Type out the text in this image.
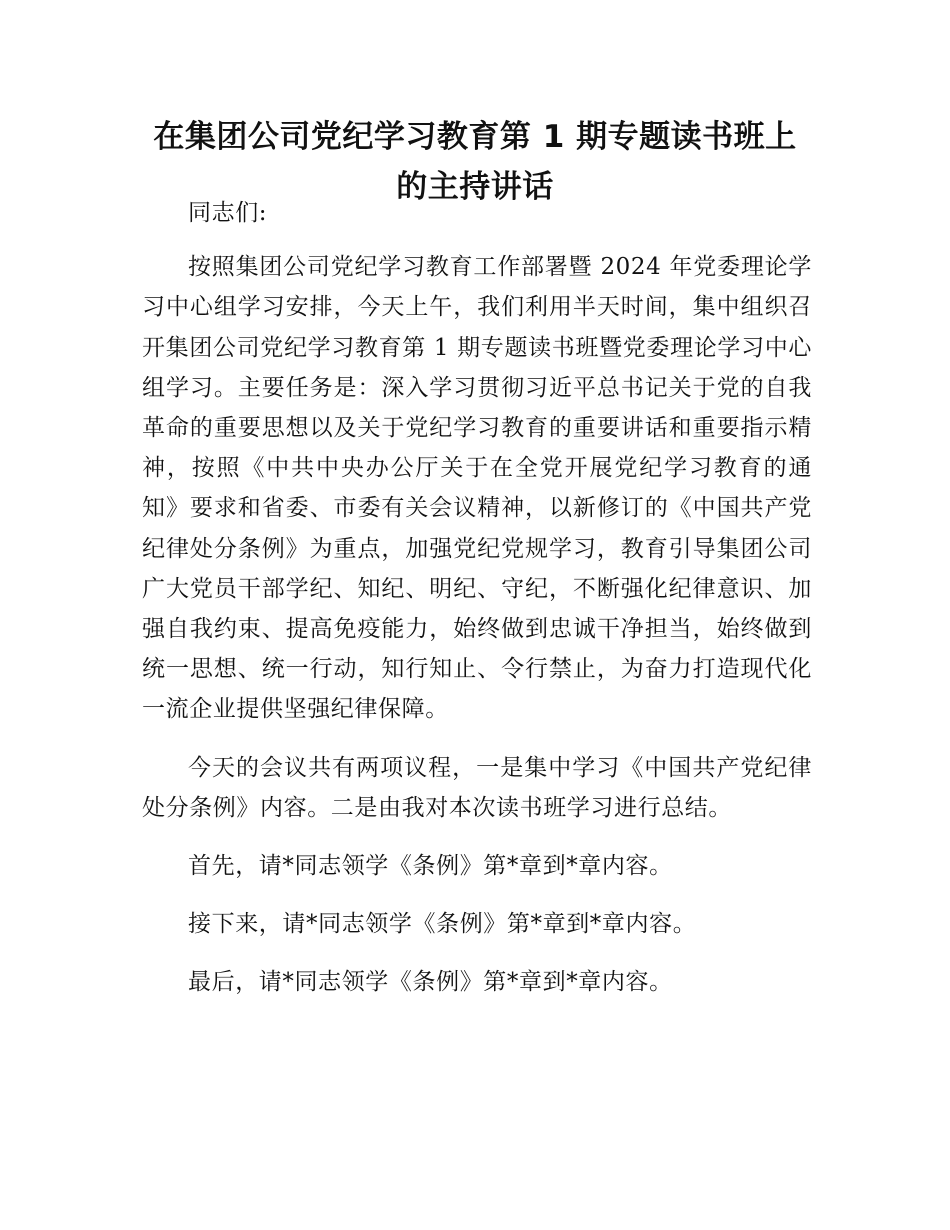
在集团公司党纪学习教育第 1 期专题读书班上
的主持讲话

同志们:

按照集团公司党纪学习教育工作部署暨 2024 年党委理论学习中心组学习安排，今天上午，我们利用半天时间，集中组织召开集团公司党纪学习教育第 1 期专题读书班暨党委理论学习中心组学习。主要任务是：深入学习贯彻习近平总书记关于党的自我革命的重要思想以及关于党纪学习教育的重要讲话和重要指示精神，按照《中共中央办公厅关于在全党开展党纪学习教育的通知》要求和省委、市委有关会议精神，以新修订的《中国共产党纪律处分条例》为重点，加强党纪党规学习，教育引导集团公司广大党员干部学纪、知纪、明纪、守纪，不断强化纪律意识、加强自我约束、提高免疫能力，始终做到忠诚干净担当，始终做到统一思想、统一行动，知行知止、令行禁止，为奋力打造现代化一流企业提供坚强纪律保障。

今天的会议共有两项议程，一是集中学习《中国共产党纪律处分条例》内容。二是由我对本次读书班学习进行总结。

首先，请*同志领学《条例》第*章到*章内容。

接下来，请*同志领学《条例》第*章到*章内容。

最后，请*同志领学《条例》第*章到*章内容。
